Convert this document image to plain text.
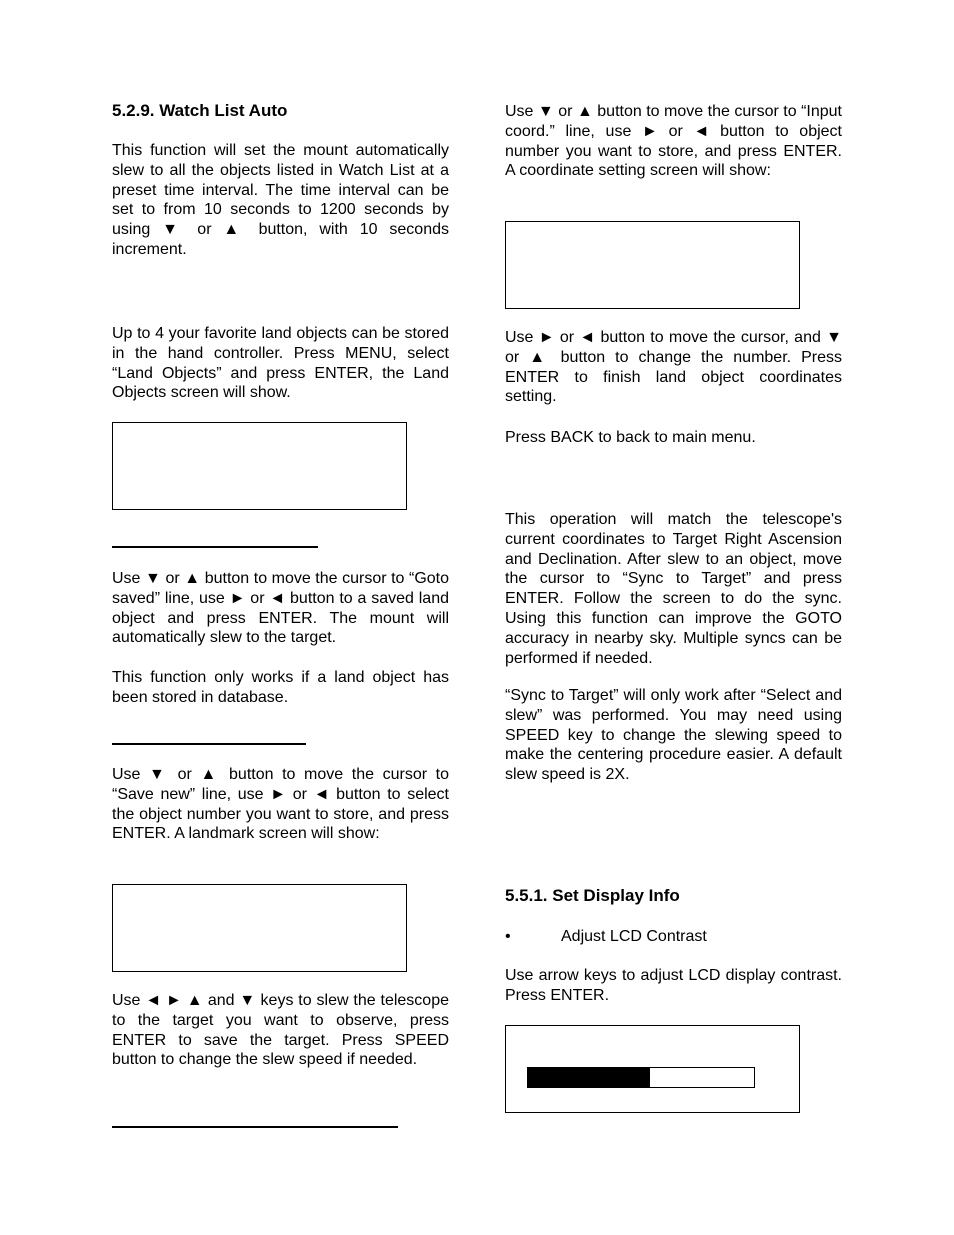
5.2.9. Watch List Auto

This function will set the mount automatically slew to all the objects listed in Watch List at a preset time interval. The time interval can be set to from 10 seconds to 1200 seconds by using ▼ or ▲ button, with 10 seconds increment.

Up to 4 your favorite land objects can be stored in the hand controller. Press MENU, select “Land Objects” and press ENTER, the Land Objects screen will show.

Use ▼ or ▲ button to move the cursor to “Goto saved” line, use ► or ◄ button to a saved land object and press ENTER. The mount will automatically slew to the target.

This function only works if a land object has been stored in database.

Use ▼ or ▲ button to move the cursor to “Save new” line, use ► or ◄ button to select the object number you want to store, and press ENTER. A landmark screen will show:

Use ◄ ► ▲ and ▼ keys to slew the telescope to the target you want to observe, press ENTER to save the target. Press SPEED button to change the slew speed if needed.

Use ▼ or ▲ button to move the cursor to “Input coord.” line, use ► or ◄ button to object number you want to store, and press ENTER. A coordinate setting screen will show:

Use ► or ◄ button to move the cursor, and ▼ or ▲ button to change the number. Press ENTER to finish land object coordinates setting.

Press BACK to back to main menu.

This operation will match the telescope's current coordinates to Target Right Ascension and Declination. After slew to an object, move the cursor to “Sync to Target” and press ENTER. Follow the screen to do the sync. Using this function can improve the GOTO accuracy in nearby sky. Multiple syncs can be performed if needed.

“Sync to Target” will only work after “Select and slew” was performed. You may need using SPEED key to change the slewing speed to make the centering procedure easier. A default slew speed is 2X.

5.5.1. Set Display Info
•	Adjust LCD Contrast

Use arrow keys to adjust LCD display contrast. Press ENTER.
